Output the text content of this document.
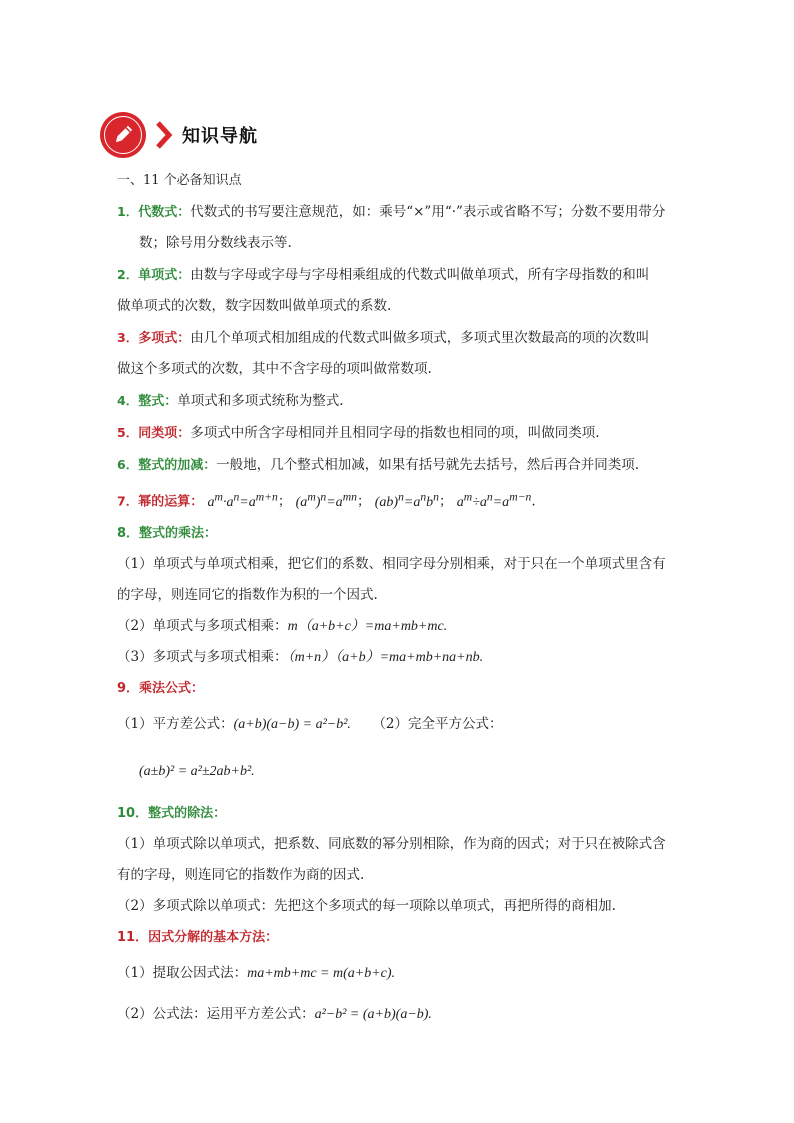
知识导航
一、11 个必备知识点
1．代数式：代数式的书写要注意规范，如：乘号“×”用“·”表示或省略不写；分数不要用带分
数；除号用分数线表示等.
2．单项式：由数与字母或字母与字母相乘组成的代数式叫做单项式，所有字母指数的和叫
做单项式的次数，数字因数叫做单项式的系数.
3．多项式：由几个单项式相加组成的代数式叫做多项式，多项式里次数最高的项的次数叫
做这个多项式的次数，其中不含字母的项叫做常数项.
4．整式：单项式和多项式统称为整式.
5．同类项：多项式中所含字母相同并且相同字母的指数也相同的项，叫做同类项.
6．整式的加减：一般地，几个整式相加减，如果有括号就先去括号，然后再合并同类项.
7．幂的运算： $a^m\cdot a^n=a^{m+n}$； $(a^m)^n=a^{mn}$； $(ab)^n=a^nb^n$； $a^m\div a^n=a^{m-n}$.
8．整式的乘法：
（1）单项式与单项式相乘，把它们的系数、相同字母分别相乘，对于只在一个单项式里含有
的字母，则连同它的指数作为积的一个因式.
（2）单项式与多项式相乘：m（a+b+c）=ma+mb+mc.
（3）多项式与多项式相乘：（m+n）（a+b）=ma+mb+na+nb.
9．乘法公式：
（1）平方差公式：(a+b)(a−b) = a²−b². （2）完全平方公式：
(a±b)² = a²±2ab+b².
10．整式的除法：
（1）单项式除以单项式，把系数、同底数的幂分别相除，作为商的因式；对于只在被除式含
有的字母，则连同它的指数作为商的因式.
（2）多项式除以单项式：先把这个多项式的每一项除以单项式，再把所得的商相加.
11．因式分解的基本方法：
（1）提取公因式法：ma+mb+mc = m(a+b+c).
（2）公式法：运用平方差公式：a²−b² = (a+b)(a−b).
